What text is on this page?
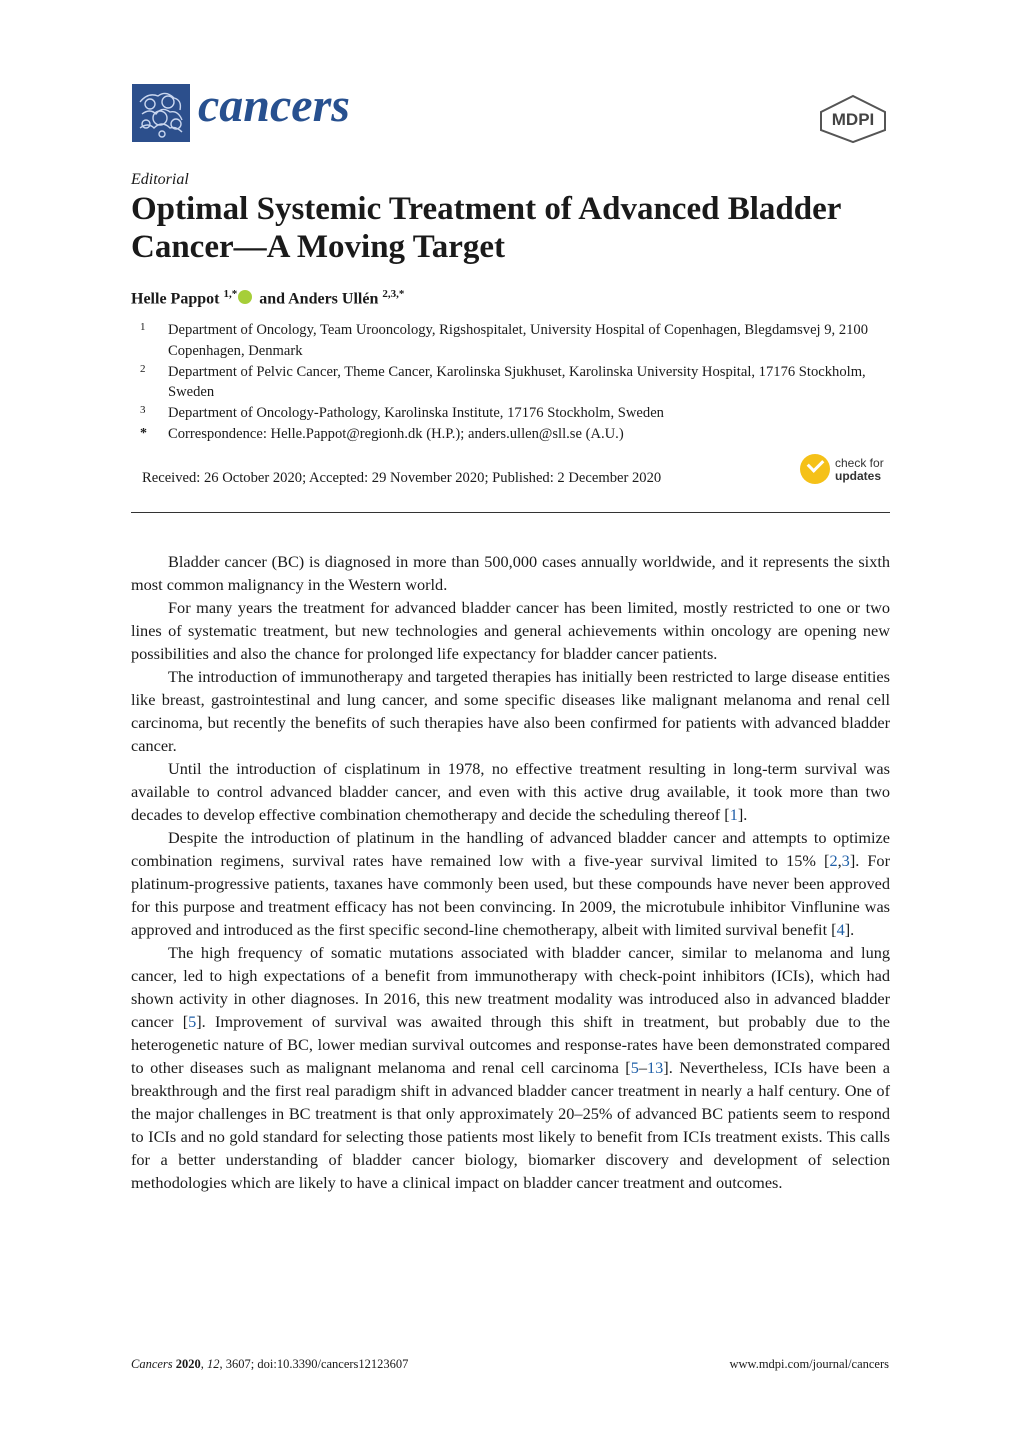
cancers	MDPI
Editorial
Optimal Systemic Treatment of Advanced Bladder Cancer—A Moving Target
Helle Pappot $^{1,*}$ and Anders Ullén $^{2,3,*}$
1 Department of Oncology, Team Urooncology, Rigshospitalet, University Hospital of Copenhagen, Blegdamsvej 9, 2100 Copenhagen, Denmark
2 Department of Pelvic Cancer, Theme Cancer, Karolinska Sjukhuset, Karolinska University Hospital, 17176 Stockholm, Sweden
3 Department of Oncology-Pathology, Karolinska Institute, 17176 Stockholm, Sweden
* Correspondence: Helle.Pappot@regionh.dk (H.P.); anders.ullen@sll.se (A.U.)
Received: 26 October 2020; Accepted: 29 November 2020; Published: 2 December 2020
check for
updates

Bladder cancer (BC) is diagnosed in more than 500,000 cases annually worldwide, and it represents the sixth most common malignancy in the Western world.

For many years the treatment for advanced bladder cancer has been limited, mostly restricted to one or two lines of systematic treatment, but new technologies and general achievements within oncology are opening new possibilities and also the chance for prolonged life expectancy for bladder cancer patients.

The introduction of immunotherapy and targeted therapies has initially been restricted to large disease entities like breast, gastrointestinal and lung cancer, and some specific diseases like malignant melanoma and renal cell carcinoma, but recently the benefits of such therapies have also been confirmed for patients with advanced bladder cancer.

Until the introduction of cisplatinum in 1978, no effective treatment resulting in long-term survival was available to control advanced bladder cancer, and even with this active drug available, it took more than two decades to develop effective combination chemotherapy and decide the scheduling thereof [1].

Despite the introduction of platinum in the handling of advanced bladder cancer and attempts to optimize combination regimens, survival rates have remained low with a five-year survival limited to 15% [2,3]. For platinum-progressive patients, taxanes have commonly been used, but these compounds have never been approved for this purpose and treatment efficacy has not been convincing. In 2009, the microtubule inhibitor Vinflunine was approved and introduced as the first specific second-line chemotherapy, albeit with limited survival benefit [4].

The high frequency of somatic mutations associated with bladder cancer, similar to melanoma and lung cancer, led to high expectations of a benefit from immunotherapy with check-point inhibitors (ICIs), which had shown activity in other diagnoses. In 2016, this new treatment modality was introduced also in advanced bladder cancer [5]. Improvement of survival was awaited through this shift in treatment, but probably due to the heterogenetic nature of BC, lower median survival outcomes and response-rates have been demonstrated compared to other diseases such as malignant melanoma and renal cell carcinoma [5–13]. Nevertheless, ICIs have been a breakthrough and the first real paradigm shift in advanced bladder cancer treatment in nearly a half century. One of the major challenges in BC treatment is that only approximately 20–25% of advanced BC patients seem to respond to ICIs and no gold standard for selecting those patients most likely to benefit from ICIs treatment exists. This calls for a better understanding of bladder cancer biology, biomarker discovery and development of selection methodologies which are likely to have a clinical impact on bladder cancer treatment and outcomes.

Cancers 2020, 12, 3607; doi:10.3390/cancers12123607	www.mdpi.com/journal/cancers
